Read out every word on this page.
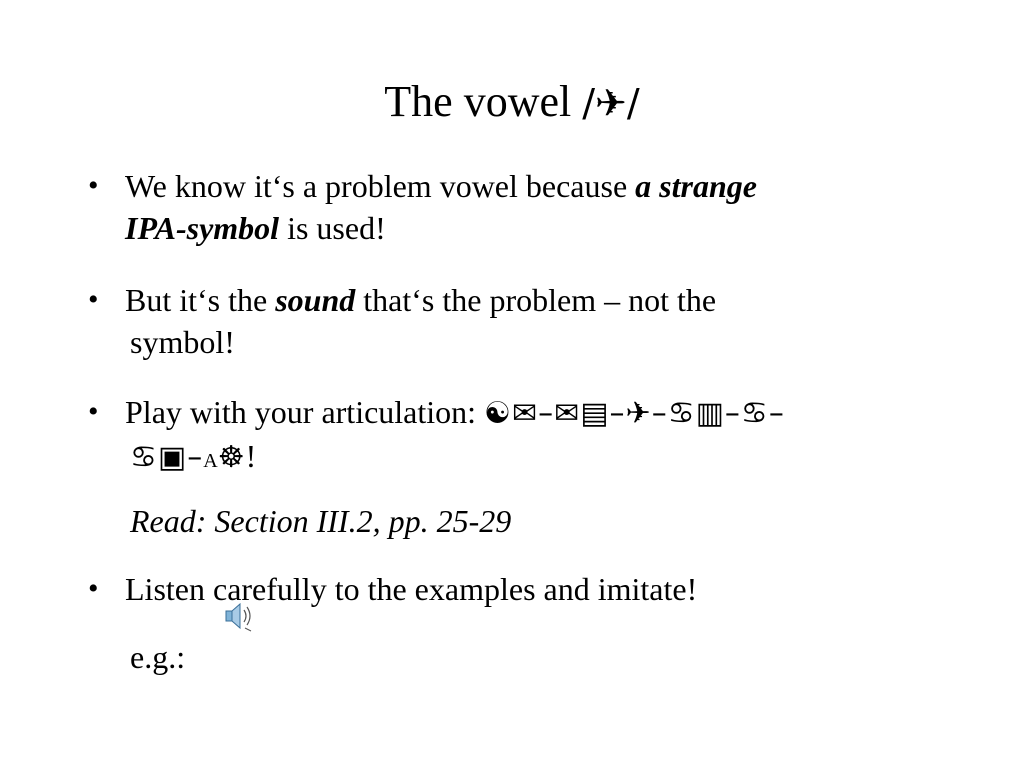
The vowel /✈/
• We know it‘s a problem vowel because a strange
IPA-symbol is used!
• But it‘s the sound that‘s the problem – not the
symbol!
• Play with your articulation: ☯✉–✉▤–✈–♋▥–♋–
♋▣–A☸!
Read: Section III.2, pp. 25-29
• Listen carefully to the examples and imitate!
e.g.:
